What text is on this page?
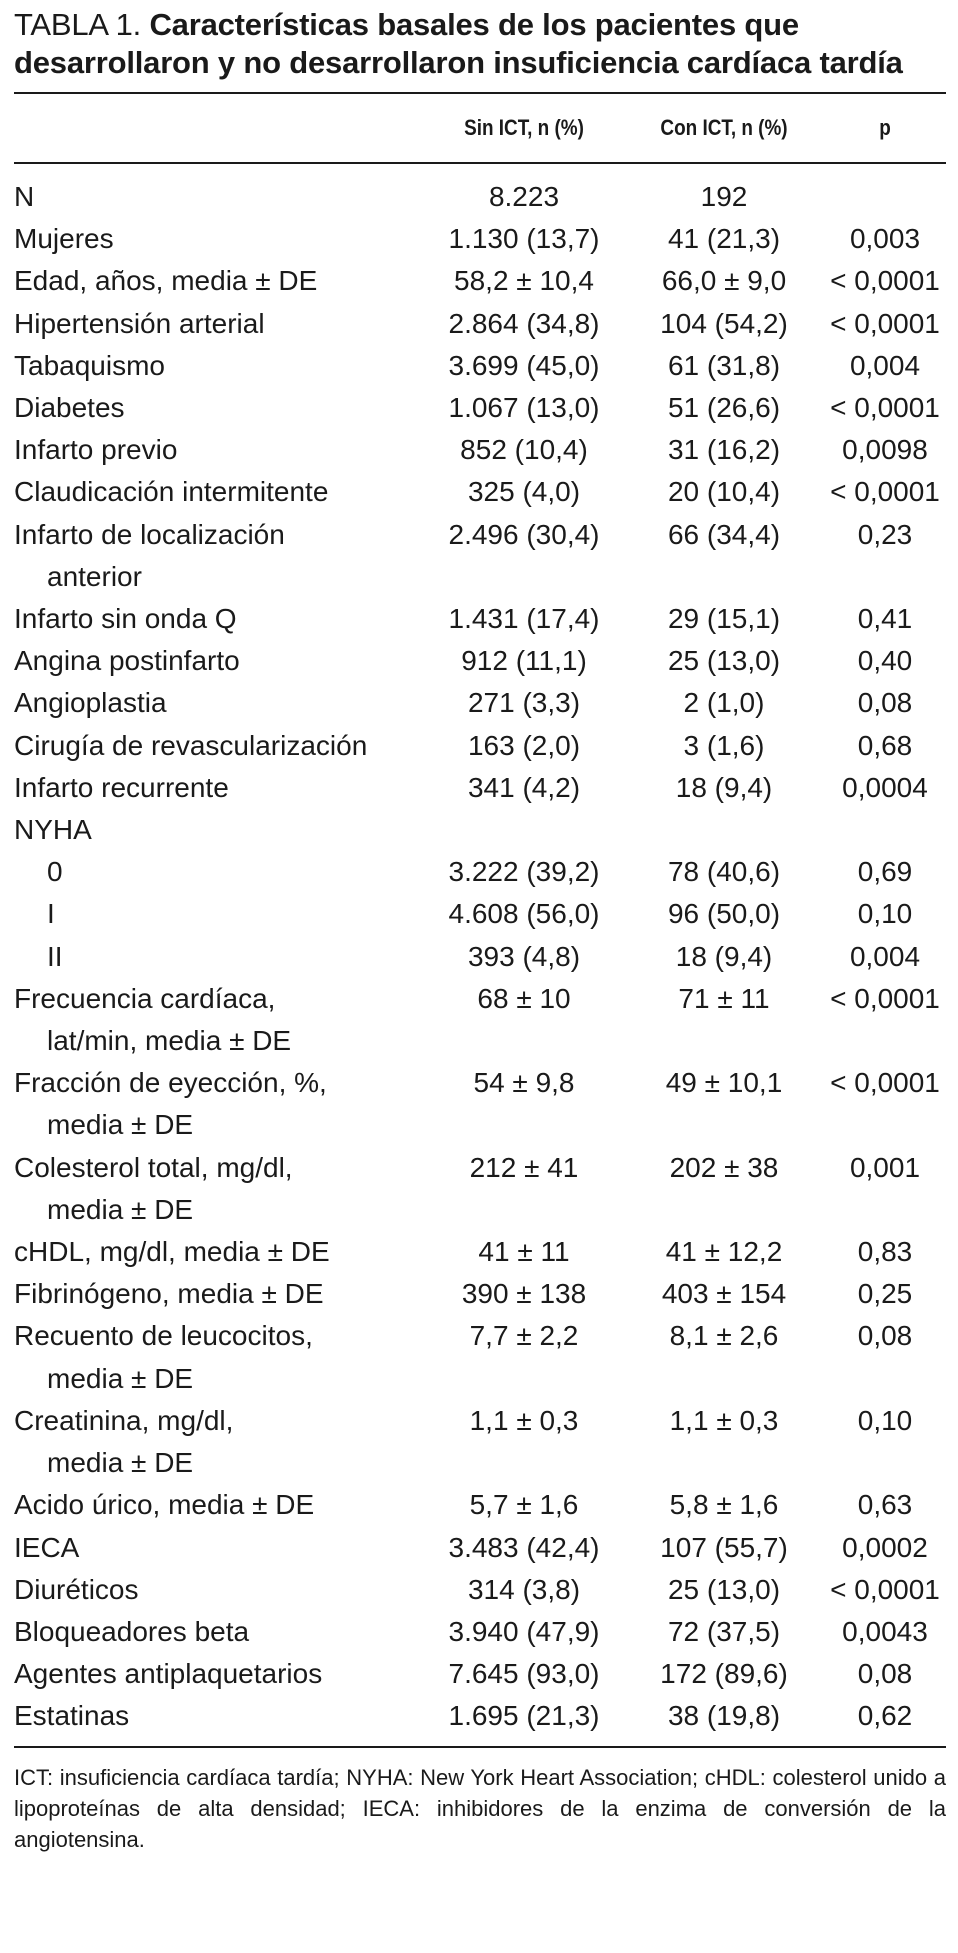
TABLA 1. Características basales de los pacientes que desarrollaron y no desarrollaron insuficiencia cardíaca tardía
	Sin ICT, n (%)	Con ICT, n (%)	p
N	8.223	192	
Mujeres	1.130 (13,7)	41 (21,3)	0,003
Edad, años, media ± DE	58,2 ± 10,4	66,0 ± 9,0	< 0,0001
Hipertensión arterial	2.864 (34,8)	104 (54,2)	< 0,0001
Tabaquismo	3.699 (45,0)	61 (31,8)	0,004
Diabetes	1.067 (13,0)	51 (26,6)	< 0,0001
Infarto previo	852 (10,4)	31 (16,2)	0,0098
Claudicación intermitente	325 (4,0)	20 (10,4)	< 0,0001
Infarto de localización
anterior	2.496 (30,4)	66 (34,4)	0,23
Infarto sin onda Q	1.431 (17,4)	29 (15,1)	0,41
Angina postinfarto	912 (11,1)	25 (13,0)	0,40
Angioplastia	271 (3,3)	2 (1,0)	0,08
Cirugía de revascularización	163 (2,0)	3 (1,6)	0,68
Infarto recurrente	341 (4,2)	18 (9,4)	0,0004
NYHA			
0	3.222 (39,2)	78 (40,6)	0,69
I	4.608 (56,0)	96 (50,0)	0,10
II	393 (4,8)	18 (9,4)	0,004
Frecuencia cardíaca,
lat/min, media ± DE	68 ± 10	71 ± 11	< 0,0001
Fracción de eyección, %,
media ± DE	54 ± 9,8	49 ± 10,1	< 0,0001
Colesterol total, mg/dl,
media ± DE	212 ± 41	202 ± 38	0,001
cHDL, mg/dl, media ± DE	41 ± 11	41 ± 12,2	0,83
Fibrinógeno, media ± DE	390 ± 138	403 ± 154	0,25
Recuento de leucocitos,
media ± DE	7,7 ± 2,2	8,1 ± 2,6	0,08
Creatinina, mg/dl,
media ± DE	1,1 ± 0,3	1,1 ± 0,3	0,10
Acido úrico, media ± DE	5,7 ± 1,6	5,8 ± 1,6	0,63
IECA	3.483 (42,4)	107 (55,7)	0,0002
Diuréticos	314 (3,8)	25 (13,0)	< 0,0001
Bloqueadores beta	3.940 (47,9)	72 (37,5)	0,0043
Agentes antiplaquetarios	7.645 (93,0)	172 (89,6)	0,08
Estatinas	1.695 (21,3)	38 (19,8)	0,62
ICT: insuficiencia cardíaca tardía; NYHA: New York Heart Association; cHDL: colesterol unido a lipoproteínas de alta densidad; IECA: inhibidores de la enzima de conversión de la angiotensina.
